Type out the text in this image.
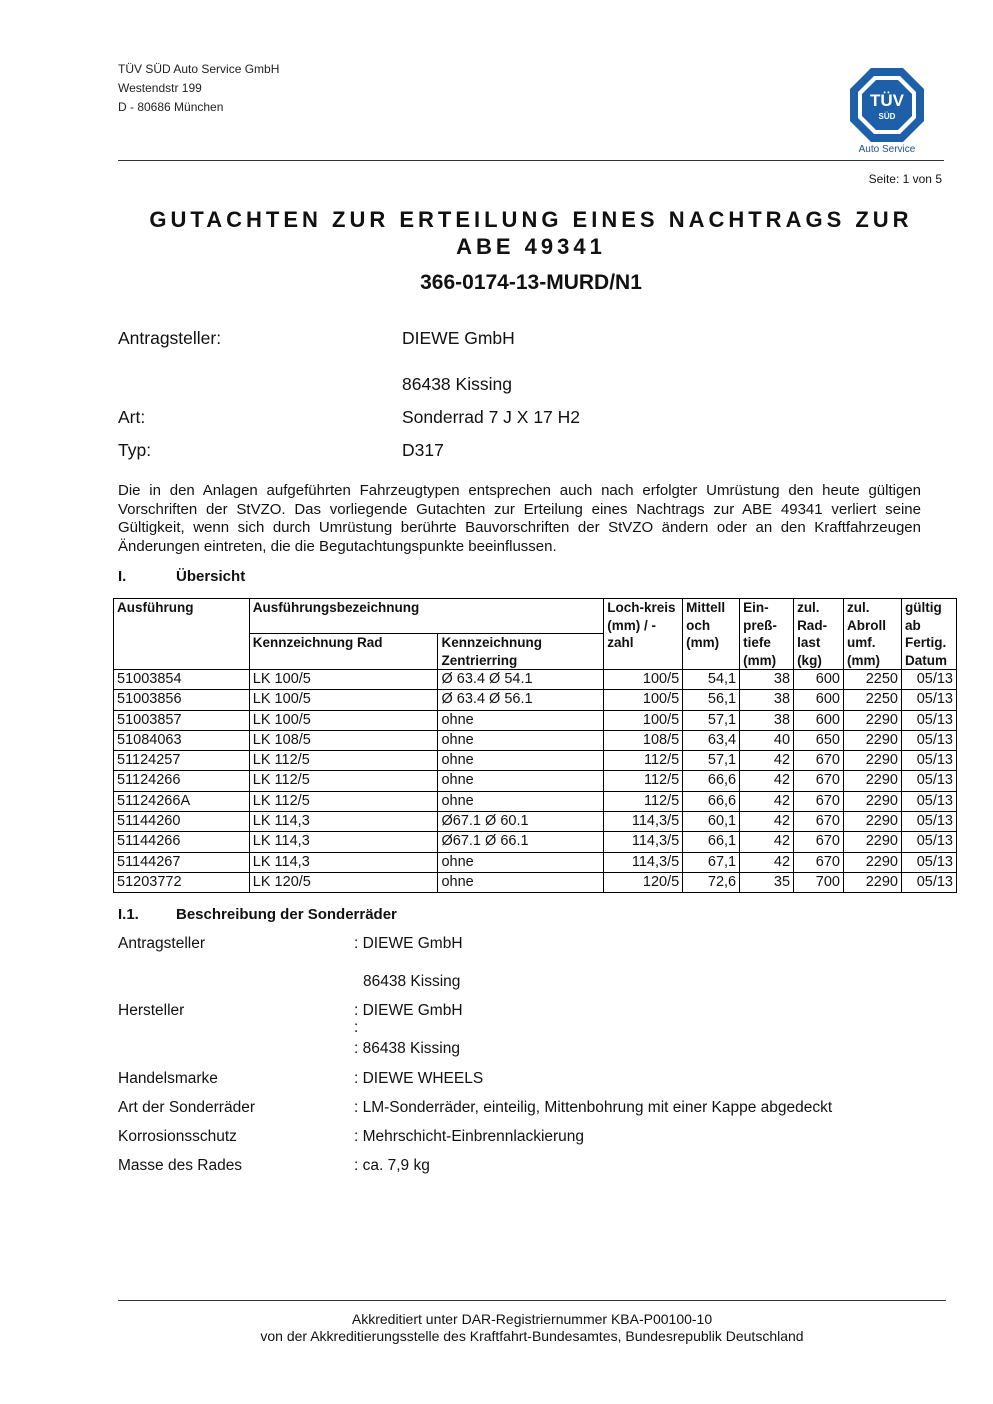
TÜV SÜD Auto Service GmbH
Westendstr 199
D - 80686 München	TÜV
SÜD
Auto Service
Seite: 1 von 5
GUTACHTEN ZUR ERTEILUNG EINES NACHTRAGS ZUR
ABE 49341
366-0174-13-MURD/N1
Antragsteller:	DIEWE GmbH
86438 Kissing
Art:	Sonderrad 7 J X 17 H2
Typ:	D317
Die in den Anlagen aufgeführten Fahrzeugtypen entsprechen auch nach erfolgter Umrüstung den heute gültigen Vorschriften der StVZO. Das vorliegende Gutachten zur Erteilung eines Nachtrags zur ABE 49341 verliert seine Gültigkeit, wenn sich durch Umrüstung berührte Bauvorschriften der StVZO ändern oder an den Kraftfahrzeugen Änderungen eintreten, die die Begutachtungspunkte beeinflussen.
I.	Übersicht
Ausführung	Ausführungsbezeichnung		Loch-kreis (mm) / -zahl	Mittell och (mm)	Ein-preß-tiefe (mm)	zul. Rad-last (kg)	zul. Abroll umf. (mm)	gültig ab Fertig. Datum
	Kennzeichnung Rad	Kennzeichnung Zentrierring						
51003854	LK 100/5	Ø 63.4 Ø 54.1	100/5	54,1	38	600	2250	05/13
51003856	LK 100/5	Ø 63.4 Ø 56.1	100/5	56,1	38	600	2250	05/13
51003857	LK 100/5	ohne	100/5	57,1	38	600	2290	05/13
51084063	LK 108/5	ohne	108/5	63,4	40	650	2290	05/13
51124257	LK 112/5	ohne	112/5	57,1	42	670	2290	05/13
51124266	LK 112/5	ohne	112/5	66,6	42	670	2290	05/13
51124266A	LK 112/5	ohne	112/5	66,6	42	670	2290	05/13
51144260	LK 114,3	Ø67.1 Ø 60.1	114,3/5	60,1	42	670	2290	05/13
51144266	LK 114,3	Ø67.1 Ø 66.1	114,3/5	66,1	42	670	2290	05/13
51144267	LK 114,3	ohne	114,3/5	67,1	42	670	2290	05/13
51203772	LK 120/5	ohne	120/5	72,6	35	700	2290	05/13
I.1. Beschreibung der Sonderräder
Antragsteller	: DIEWE GmbH
86438 Kissing
Hersteller	: DIEWE GmbH
:
: 86438 Kissing
Handelsmarke	: DIEWE WHEELS
Art der Sonderräder	: LM-Sonderräder, einteilig, Mittenbohrung mit einer Kappe abgedeckt
Korrosionsschutz	: Mehrschicht-Einbrennlackierung
Masse des Rades	: ca. 7,9 kg
Akkreditiert unter DAR-Registriernummer KBA-P00100-10
von der Akkreditierungsstelle des Kraftfahrt-Bundesamtes, Bundesrepublik Deutschland
